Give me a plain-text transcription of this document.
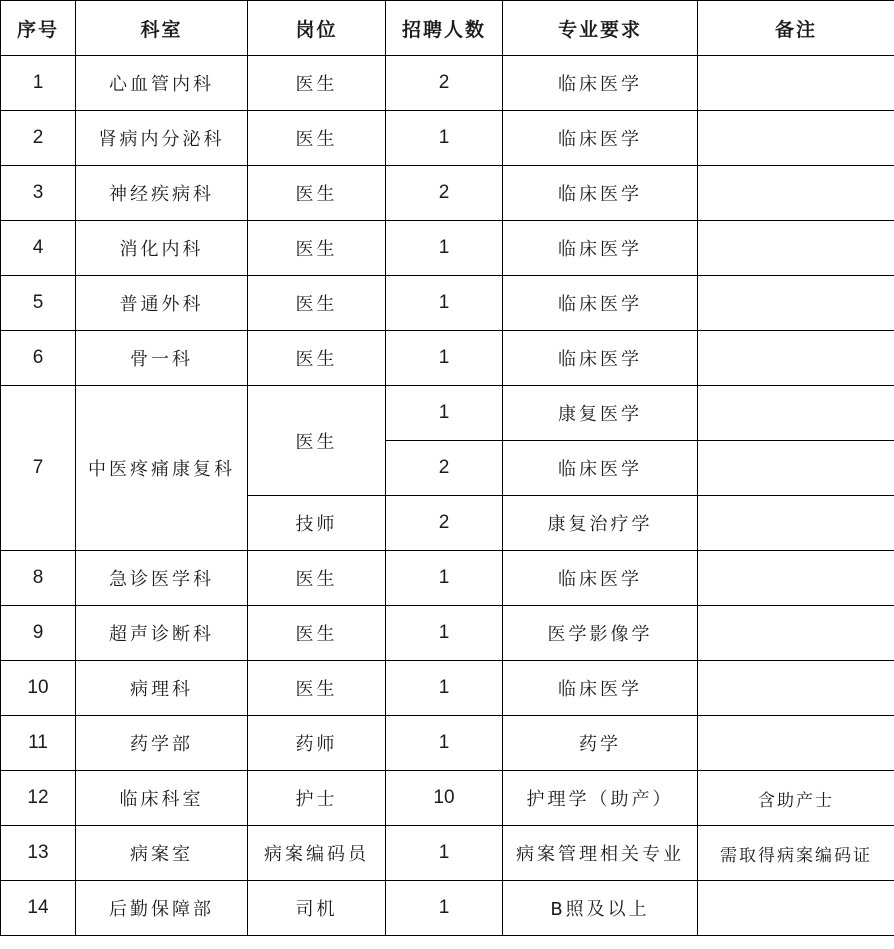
序号	科室	岗位	招聘人数	专业要求	备注
1	心血管内科	医生	2	临床医学	
2	肾病内分泌科	医生	1	临床医学	
3	神经疾病科	医生	2	临床医学	
4	消化内科	医生	1	临床医学	
5	普通外科	医生	1	临床医学	
6	骨一科	医生	1	临床医学	
7	中医疼痛康复科	医生	1	康复医学	
			2	临床医学	
		技师	2	康复治疗学	
8	急诊医学科	医生	1	临床医学	
9	超声诊断科	医生	1	医学影像学	
10	病理科	医生	1	临床医学	
11	药学部	药师	1	药学	
12	临床科室	护士	10	护理学（助产）	含助产士
13	病案室	病案编码员	1	病案管理相关专业	需取得病案编码证
14	后勤保障部	司机	1	B照及以上	
